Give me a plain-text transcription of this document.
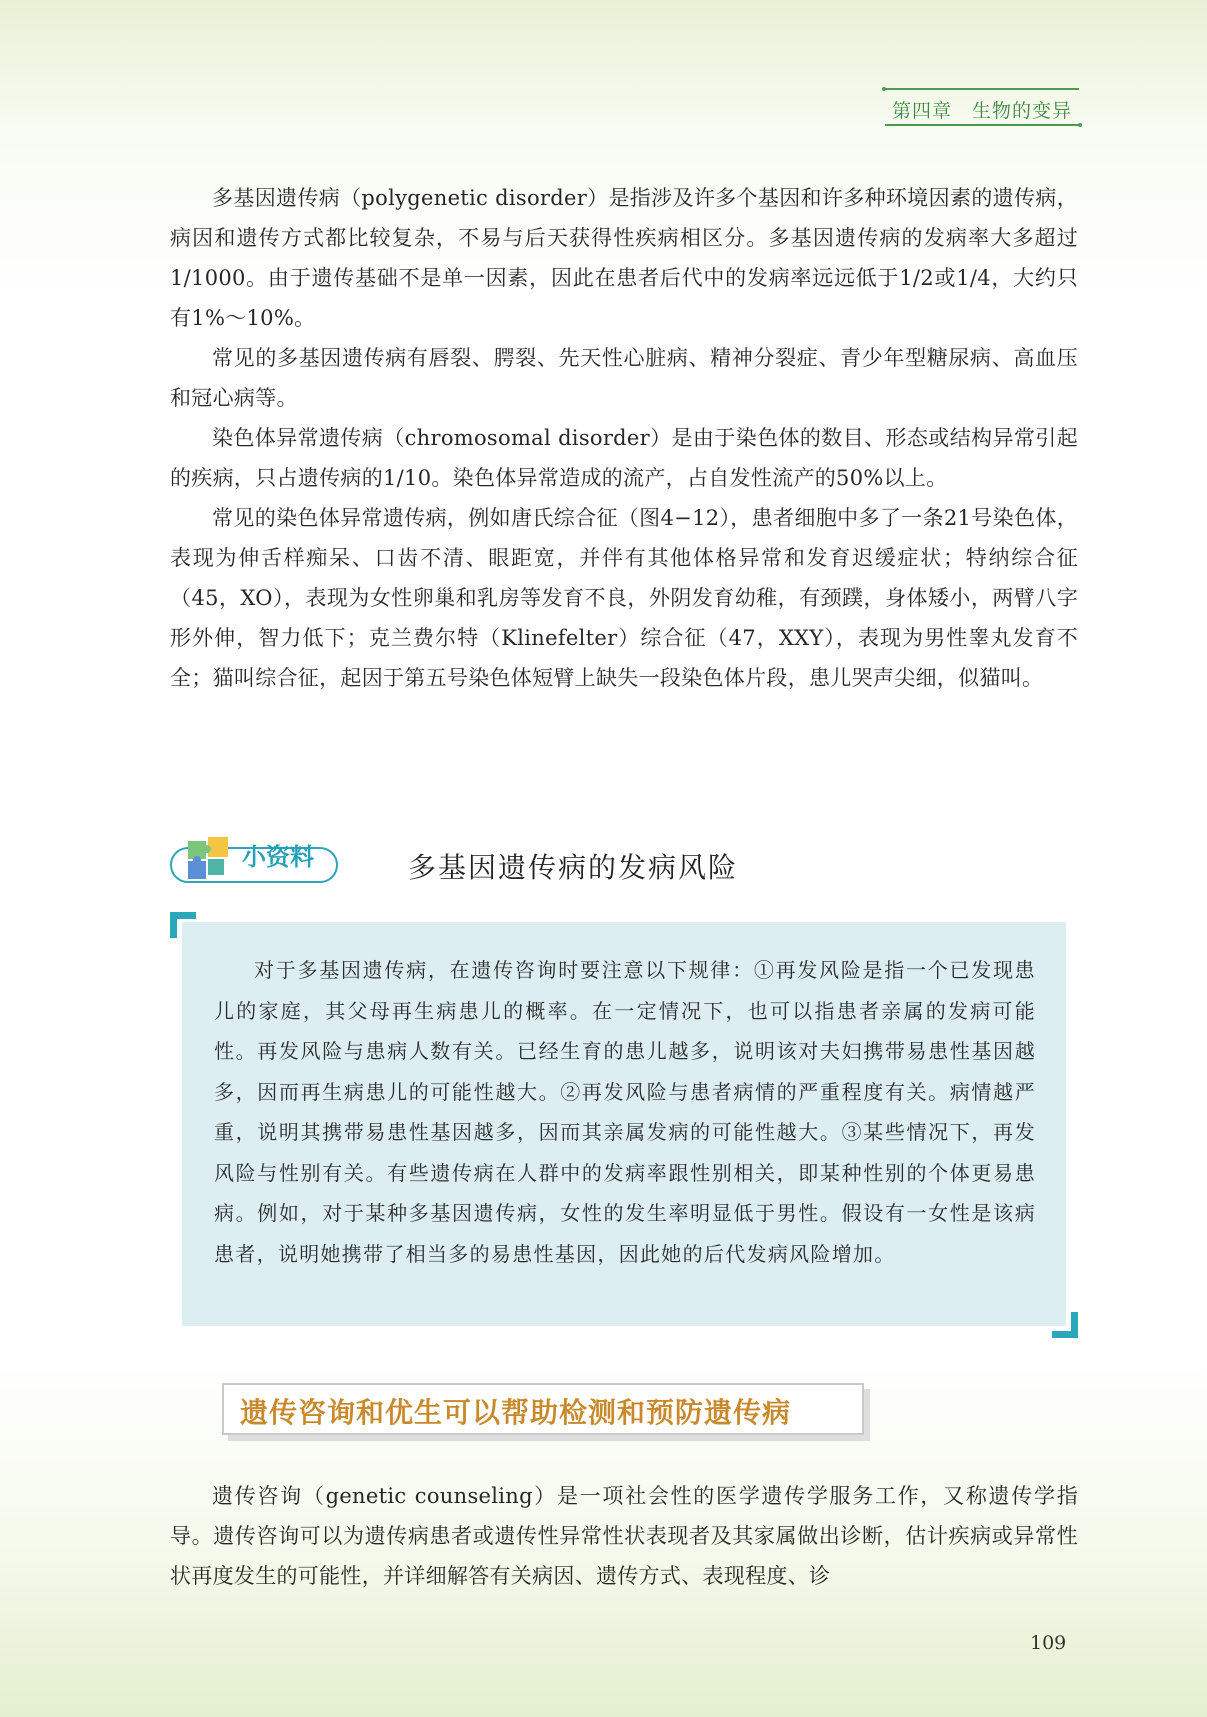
第四章　生物的变异

多基因遗传病（polygenetic disorder）是指涉及许多个基因和许多种环境因素的遗传病，病因和遗传方式都比较复杂，不易与后天获得性疾病相区分。多基因遗传病的发病率大多超过1/1000。由于遗传基础不是单一因素，因此在患者后代中的发病率远远低于1/2或1/4，大约只有1%～10%。

常见的多基因遗传病有唇裂、腭裂、先天性心脏病、精神分裂症、青少年型糖尿病、高血压和冠心病等。

染色体异常遗传病（chromosomal disorder）是由于染色体的数目、形态或结构异常引起的疾病，只占遗传病的1/10。染色体异常造成的流产，占自发性流产的50%以上。

常见的染色体异常遗传病，例如唐氏综合征（图4−12），患者细胞中多了一条21号染色体，表现为伸舌样痴呆、口齿不清、眼距宽，并伴有其他体格异常和发育迟缓症状；特纳综合征（45，XO），表现为女性卵巢和乳房等发育不良，外阴发育幼稚，有颈蹼，身体矮小，两臂八字形外伸，智力低下；克兰费尔特（Klinefelter）综合征（47，XXY），表现为男性睾丸发育不全；猫叫综合征，起因于第五号染色体短臂上缺失一段染色体片段，患儿哭声尖细，似猫叫。

小资料	多基因遗传病的发病风险

对于多基因遗传病，在遗传咨询时要注意以下规律：①再发风险是指一个已发现患儿的家庭，其父母再生病患儿的概率。在一定情况下，也可以指患者亲属的发病可能性。再发风险与患病人数有关。已经生育的患儿越多，说明该对夫妇携带易患性基因越多，因而再生病患儿的可能性越大。②再发风险与患者病情的严重程度有关。病情越严重，说明其携带易患性基因越多，因而其亲属发病的可能性越大。③某些情况下，再发风险与性别有关。有些遗传病在人群中的发病率跟性别相关，即某种性别的个体更易患病。例如，对于某种多基因遗传病，女性的发生率明显低于男性。假设有一女性是该病患者，说明她携带了相当多的易患性基因，因此她的后代发病风险增加。

遗传咨询和优生可以帮助检测和预防遗传病

遗传咨询（genetic counseling）是一项社会性的医学遗传学服务工作，又称遗传学指导。遗传咨询可以为遗传病患者或遗传性异常性状表现者及其家属做出诊断，估计疾病或异常性状再度发生的可能性，并详细解答有关病因、遗传方式、表现程度、诊

109
